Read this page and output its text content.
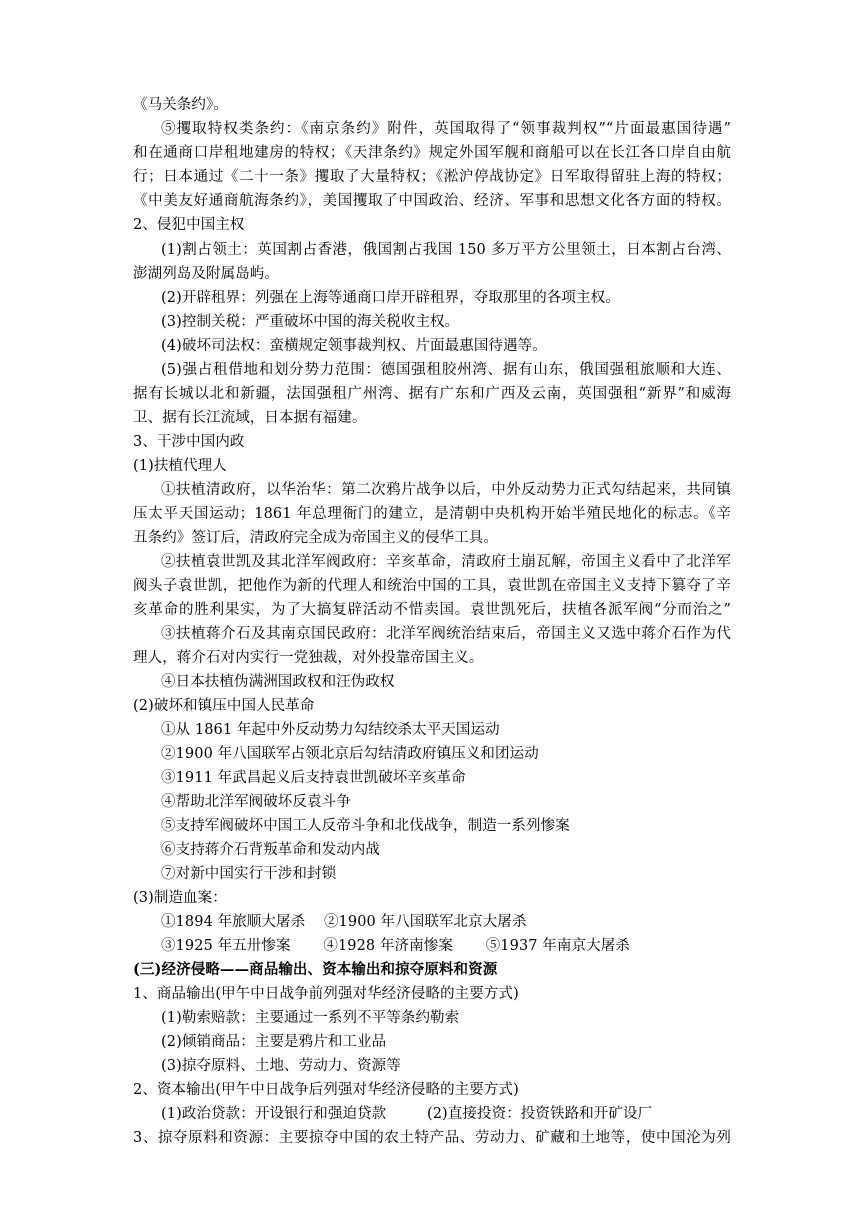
《马关条约》。
⑤攫取特权类条约：《南京条约》附件，英国取得了“领事裁判权”“片面最惠国待遇”
和在通商口岸租地建房的特权；《天津条约》规定外国军舰和商船可以在长江各口岸自由航
行；日本通过《二十一条》攫取了大量特权；《淞沪停战协定》日军取得留驻上海的特权；
《中美友好通商航海条约》，美国攫取了中国政治、经济、军事和思想文化各方面的特权。
2、侵犯中国主权
(1)割占领土：英国割占香港，俄国割占我国 150 多万平方公里领土，日本割占台湾、
澎湖列岛及附属岛屿。
(2)开辟租界：列强在上海等通商口岸开辟租界，夺取那里的各项主权。
(3)控制关税：严重破坏中国的海关税收主权。
(4)破坏司法权：蛮横规定领事裁判权、片面最惠国待遇等。
(5)强占租借地和划分势力范围：德国强租胶州湾、据有山东，俄国强租旅顺和大连、
据有长城以北和新疆，法国强租广州湾、据有广东和广西及云南，英国强租“新界”和威海
卫、据有长江流域，日本据有福建。
3、干涉中国内政
(1)扶植代理人
①扶植清政府，以华治华：第二次鸦片战争以后，中外反动势力正式勾结起来，共同镇
压太平天国运动；1861 年总理衙门的建立，是清朝中央机构开始半殖民地化的标志。《辛
丑条约》签订后，清政府完全成为帝国主义的侵华工具。
②扶植袁世凯及其北洋军阀政府：辛亥革命，清政府土崩瓦解，帝国主义看中了北洋军
阀头子袁世凯，把他作为新的代理人和统治中国的工具，袁世凯在帝国主义支持下篡夺了辛
亥革命的胜利果实，为了大搞复辟活动不惜卖国。袁世凯死后，扶植各派军阀“分而治之”
③扶植蒋介石及其南京国民政府：北洋军阀统治结束后，帝国主义又选中蒋介石作为代
理人，蒋介石对内实行一党独裁，对外投靠帝国主义。
④日本扶植伪满洲国政权和汪伪政权
(2)破坏和镇压中国人民革命
①从 1861 年起中外反动势力勾结绞杀太平天国运动
②1900 年八国联军占领北京后勾结清政府镇压义和团运动
③1911 年武昌起义后支持袁世凯破坏辛亥革命
④帮助北洋军阀破坏反袁斗争
⑤支持军阀破坏中国工人反帝斗争和北伐战争，制造一系列惨案
⑥支持蒋介石背叛革命和发动内战
⑦对新中国实行干涉和封锁
(3)制造血案：
①1894 年旅顺大屠杀 ②1900 年八国联军北京大屠杀
③1925 年五卅惨案 ④1928 年济南惨案 ⑤1937 年南京大屠杀
(三)经济侵略——商品输出、资本输出和掠夺原料和资源
1、商品输出(甲午中日战争前列强对华经济侵略的主要方式)
(1)勒索赔款：主要通过一系列不平等条约勒索
(2)倾销商品：主要是鸦片和工业品
(3)掠夺原料、土地、劳动力、资源等
2、资本输出(甲午中日战争后列强对华经济侵略的主要方式)
(1)政治贷款：开设银行和强迫贷款	(2)直接投资：投资铁路和开矿设厂
3、掠夺原料和资源：主要掠夺中国的农土特产品、劳动力、矿藏和土地等，使中国沦为列
